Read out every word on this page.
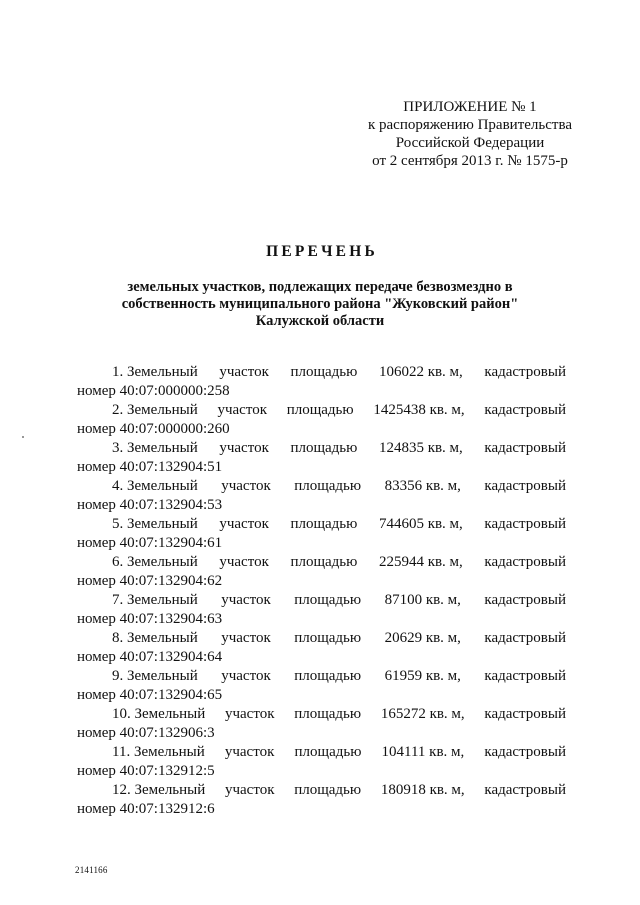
ПРИЛОЖЕНИЕ № 1
к распоряжению Правительства
Российской Федерации
от 2 сентября 2013 г. № 1575-р
ПЕРЕЧЕНЬ
земельных участков, подлежащих передаче безвозмездно в
собственность муниципального района "Жуковский район"
Калужской области
1. Земельный участок площадью 106022 кв. м, кадастровый
номер 40:07:000000:258
2. Земельный участок площадью 1425438 кв. м, кадастровый
номер 40:07:000000:260
3. Земельный участок площадью 124835 кв. м, кадастровый
номер 40:07:132904:51
4. Земельный участок площадью 83356 кв. м, кадастровый
номер 40:07:132904:53
5. Земельный участок площадью 744605 кв. м, кадастровый
номер 40:07:132904:61
6. Земельный участок площадью 225944 кв. м, кадастровый
номер 40:07:132904:62
7. Земельный участок площадью 87100 кв. м, кадастровый
номер 40:07:132904:63
8. Земельный участок площадью 20629 кв. м, кадастровый
номер 40:07:132904:64
9. Земельный участок площадью 61959 кв. м, кадастровый
номер 40:07:132904:65
10. Земельный участок площадью 165272 кв. м, кадастровый
номер 40:07:132906:3
11. Земельный участок площадью 104111 кв. м, кадастровый
номер 40:07:132912:5
12. Земельный участок площадью 180918 кв. м, кадастровый
номер 40:07:132912:6
2141166
